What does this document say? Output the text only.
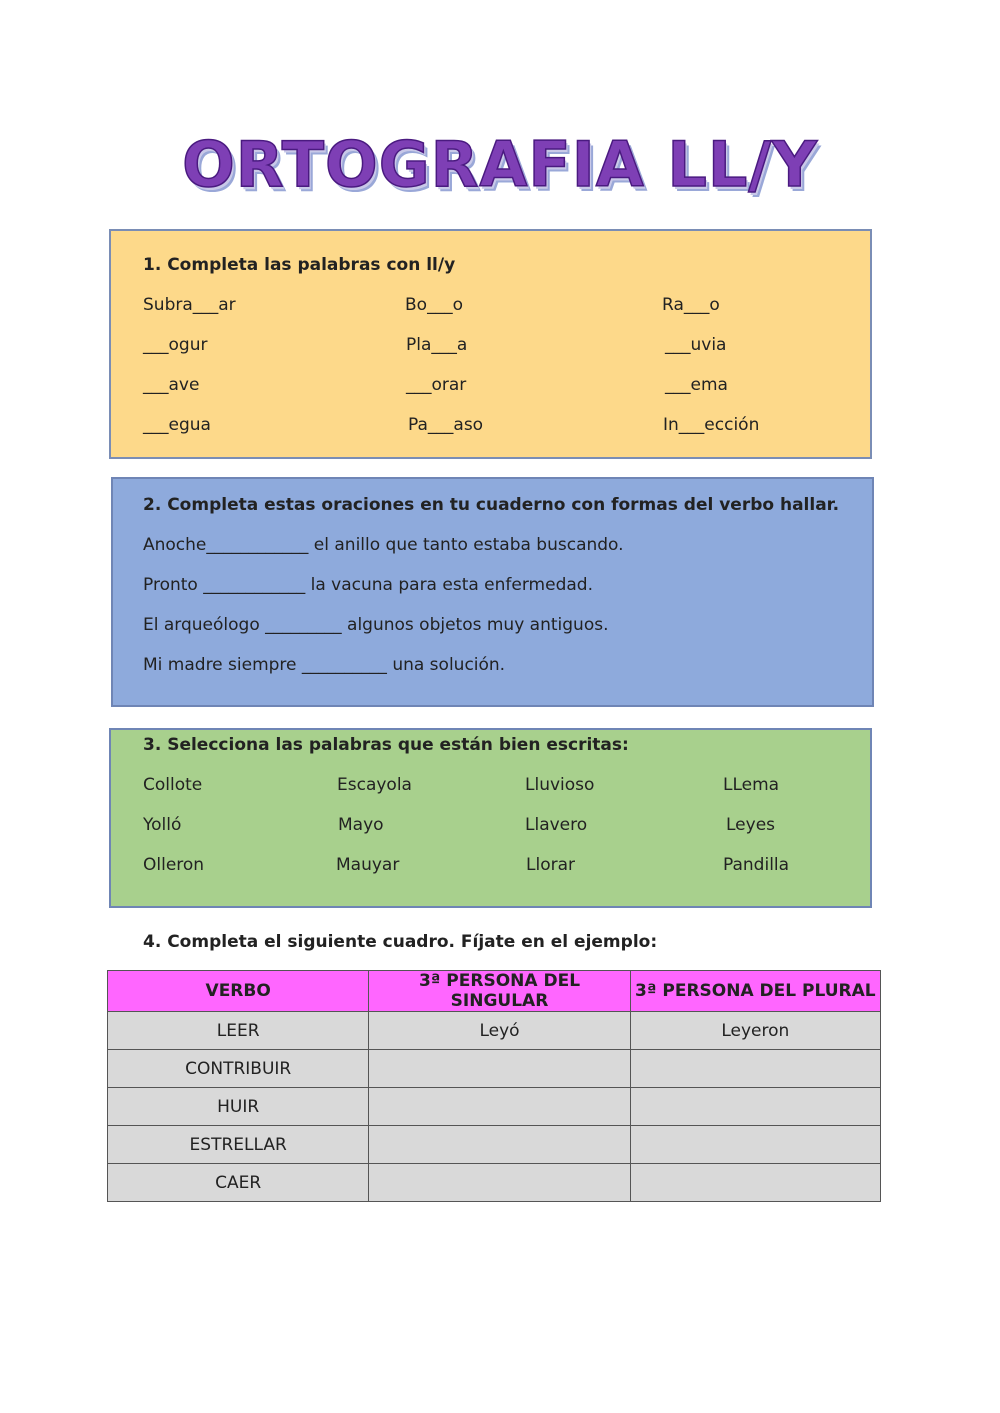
ORTOGRAFIA LL/Y
1. Completa las palabras con ll/y
Subra___ar	Bo___o	Ra___o
___ogur	Pla___a	___uvia
___ave	___orar	___ema
___egua	Pa___aso	In___ección
2. Completa estas oraciones en tu cuaderno con formas del verbo hallar.
Anoche____________ el anillo que tanto estaba buscando.
Pronto ____________ la vacuna para esta enfermedad.
El arqueólogo _________ algunos objetos muy antiguos.
Mi madre siempre __________ una solución.
3. Selecciona las palabras que están bien escritas:
Collote	Escayola	Lluvioso	LLema
Yolló	Mayo	Llavero	Leyes
Olleron	Mauyar	Llorar	Pandilla
4. Completa el siguiente cuadro. Fíjate en el ejemplo:
VERBO	3ª PERSONA DEL SINGULAR	3ª PERSONA DEL PLURAL
LEER	Leyó	Leyeron
CONTRIBUIR		
HUIR		
ESTRELLAR		
CAER		
